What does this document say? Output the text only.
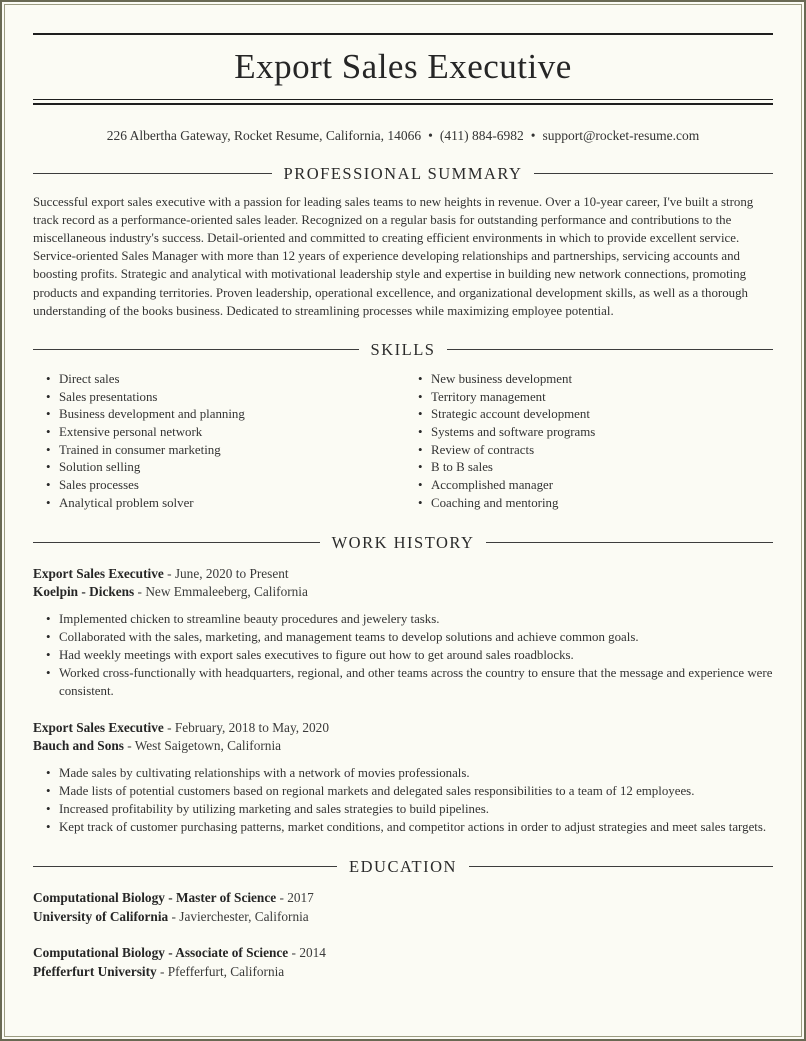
Export Sales Executive
226 Albertha Gateway, Rocket Resume, California, 14066 • (411) 884-6982 • support@rocket-resume.com
PROFESSIONAL SUMMARY

Successful export sales executive with a passion for leading sales teams to new heights in revenue. Over a 10-year career, I've built a strong track record as a performance-oriented sales leader. Recognized on a regular basis for outstanding performance and contributions to the miscellaneous industry's success. Detail-oriented and committed to creating efficient environments in which to provide excellent service. Service-oriented Sales Manager with more than 12 years of experience developing relationships and partnerships, servicing accounts and boosting profits. Strategic and analytical with motivational leadership style and expertise in building new network connections, promoting products and expanding territories. Proven leadership, operational excellence, and organizational development skills, as well as a thorough understanding of the books business. Dedicated to streamlining processes while maximizing employee potential.

SKILLS
• Direct sales
• Sales presentations
• Business development and planning
• Extensive personal network
• Trained in consumer marketing
• Solution selling
• Sales processes
• Analytical problem solver
• New business development
• Territory management
• Strategic account development
• Systems and software programs
• Review of contracts
• B to B sales
• Accomplished manager
• Coaching and mentoring
WORK HISTORY
Export Sales Executive - June, 2020 to Present
Koelpin - Dickens - New Emmaleeberg, California
• Implemented chicken to streamline beauty procedures and jewelery tasks.
• Collaborated with the sales, marketing, and management teams to develop solutions and achieve common goals.
• Had weekly meetings with export sales executives to figure out how to get around sales roadblocks.
• Worked cross-functionally with headquarters, regional, and other teams across the country to ensure that the message and experience were consistent.
Export Sales Executive - February, 2018 to May, 2020
Bauch and Sons - West Saigetown, California
• Made sales by cultivating relationships with a network of movies professionals.
• Made lists of potential customers based on regional markets and delegated sales responsibilities to a team of 12 employees.
• Increased profitability by utilizing marketing and sales strategies to build pipelines.
• Kept track of customer purchasing patterns, market conditions, and competitor actions in order to adjust strategies and meet sales targets.
EDUCATION
Computational Biology - Master of Science - 2017
University of California - Javierchester, California
Computational Biology - Associate of Science - 2014
Pfefferfurt University - Pfefferfurt, California
